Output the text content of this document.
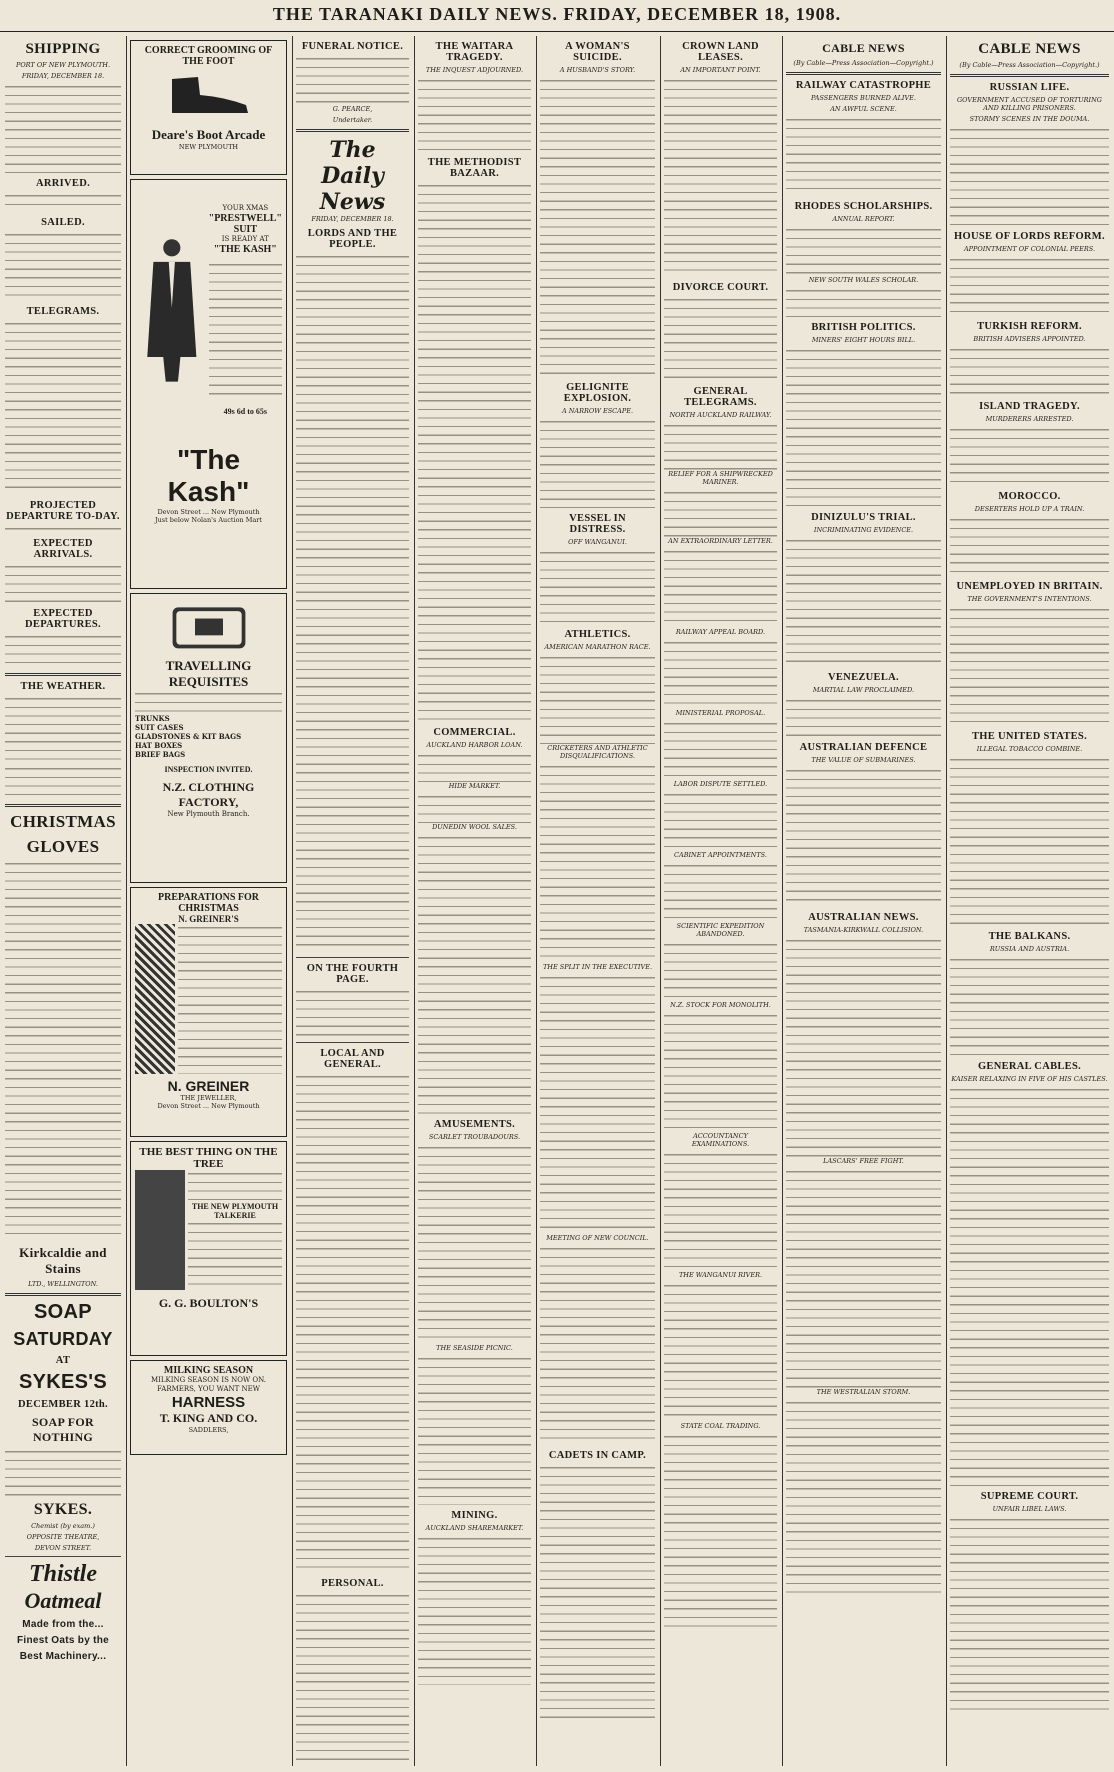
THE TARANAKI DAILY NEWS. FRIDAY, DECEMBER 18, 1908.
SHIPPING
PORT OF NEW PLYMOUTH.
FRIDAY, DECEMBER 18.
ARRIVED.
SAILED.
TELEGRAMS.
PROJECTED DEPARTURE TO-DAY.
EXPECTED ARRIVALS.
EXPECTED DEPARTURES.
THE WEATHER.
CHRISTMAS
GLOVES
Kirkcaldie and Stains
LTD., WELLINGTON.
SOAP
SATURDAY
AT
SYKES'S
DECEMBER 12th.
SOAP FOR NOTHING
SYKES.
Chemist (by exam.)
OPPOSITE THEATRE,
DEVON STREET.
Thistle
Oatmeal
Made from the...
Finest Oats by the
Best Machinery...
CORRECT GROOMING OF THE FOOT
Deare's Boot Arcade
NEW PLYMOUTH
YOUR XMAS
"PRESTWELL"
SUIT
IS READY AT
"THE KASH"
49s 6d to 65s
"The Kash"
Devon Street ... New Plymouth
Just below Nolan's Auction Mart
TRAVELLING REQUISITES
TRUNKS
SUIT CASES
GLADSTONES & KIT BAGS
HAT BOXES
BRIEF BAGS
INSPECTION INVITED.
N.Z. CLOTHING FACTORY,
New Plymouth Branch.
PREPARATIONS FOR CHRISTMAS
N. GREINER'S
N. GREINER
THE JEWELLER,
Devon Street ... New Plymouth
THE BEST THING ON THE TREE
THE NEW PLYMOUTH TALKERIE
G. G. BOULTON'S
MILKING SEASON
MILKING SEASON IS NOW ON. FARMERS, YOU WANT NEW
HARNESS
T. KING AND CO.
SADDLERS,
FUNERAL NOTICE.
G. PEARCE,
Undertaker.
The Daily News
FRIDAY, DECEMBER 18.
LORDS AND THE PEOPLE.
ON THE FOURTH PAGE.
LOCAL AND GENERAL.
PERSONAL.
THE WAITARA TRAGEDY.
THE INQUEST ADJOURNED.
THE METHODIST BAZAAR.
COMMERCIAL.
AUCKLAND HARBOR LOAN.
HIDE MARKET.
DUNEDIN WOOL SALES.
AMUSEMENTS.
SCARLET TROUBADOURS.
THE SEASIDE PICNIC.
MINING.
AUCKLAND SHAREMARKET.
A WOMAN'S SUICIDE.
A HUSBAND'S STORY.
GELIGNITE EXPLOSION.
A NARROW ESCAPE.
VESSEL IN DISTRESS.
OFF WANGANUI.
ATHLETICS.
AMERICAN MARATHON RACE.
CRICKETERS AND ATHLETIC DISQUALIFICATIONS.
THE SPLIT IN THE EXECUTIVE.
MEETING OF NEW COUNCIL.
CADETS IN CAMP.
CROWN LAND LEASES.
AN IMPORTANT POINT.
DIVORCE COURT.
GENERAL TELEGRAMS.
NORTH AUCKLAND RAILWAY.
RELIEF FOR A SHIPWRECKED MARINER.
AN EXTRAORDINARY LETTER.
RAILWAY APPEAL BOARD.
MINISTERIAL PROPOSAL.
LABOR DISPUTE SETTLED.
CABINET APPOINTMENTS.
SCIENTIFIC EXPEDITION ABANDONED.
N.Z. STOCK FOR MONOLITH.
ACCOUNTANCY EXAMINATIONS.
THE WANGANUI RIVER.
STATE COAL TRADING.
CABLE NEWS
(By Cable—Press Association—Copyright.)
RAILWAY CATASTROPHE
PASSENGERS BURNED ALIVE.
AN AWFUL SCENE.
RHODES SCHOLARSHIPS.
ANNUAL REPORT.
NEW SOUTH WALES SCHOLAR.
BRITISH POLITICS.
MINERS' EIGHT HOURS BILL.
DINIZULU'S TRIAL.
INCRIMINATING EVIDENCE.
VENEZUELA.
MARTIAL LAW PROCLAIMED.
AUSTRALIAN DEFENCE
THE VALUE OF SUBMARINES.
AUSTRALIAN NEWS.
TASMANIA-KIRKWALL COLLISION.
LASCARS' FREE FIGHT.
THE WESTRALIAN STORM.
CABLE NEWS
(By Cable—Press Association—Copyright.)
RUSSIAN LIFE.
GOVERNMENT ACCUSED OF TORTURING AND KILLING PRISONERS.
STORMY SCENES IN THE DOUMA.
HOUSE OF LORDS REFORM.
APPOINTMENT OF COLONIAL PEERS.
TURKISH REFORM.
BRITISH ADVISERS APPOINTED.
ISLAND TRAGEDY.
MURDERERS ARRESTED.
MOROCCO.
DESERTERS HOLD UP A TRAIN.
UNEMPLOYED IN BRITAIN.
THE GOVERNMENT'S INTENTIONS.
THE UNITED STATES.
ILLEGAL TOBACCO COMBINE.
THE BALKANS.
RUSSIA AND AUSTRIA.
GENERAL CABLES.
KAISER RELAXING IN FIVE OF HIS CASTLES.
SUPREME COURT.
UNFAIR LIBEL LAWS.
